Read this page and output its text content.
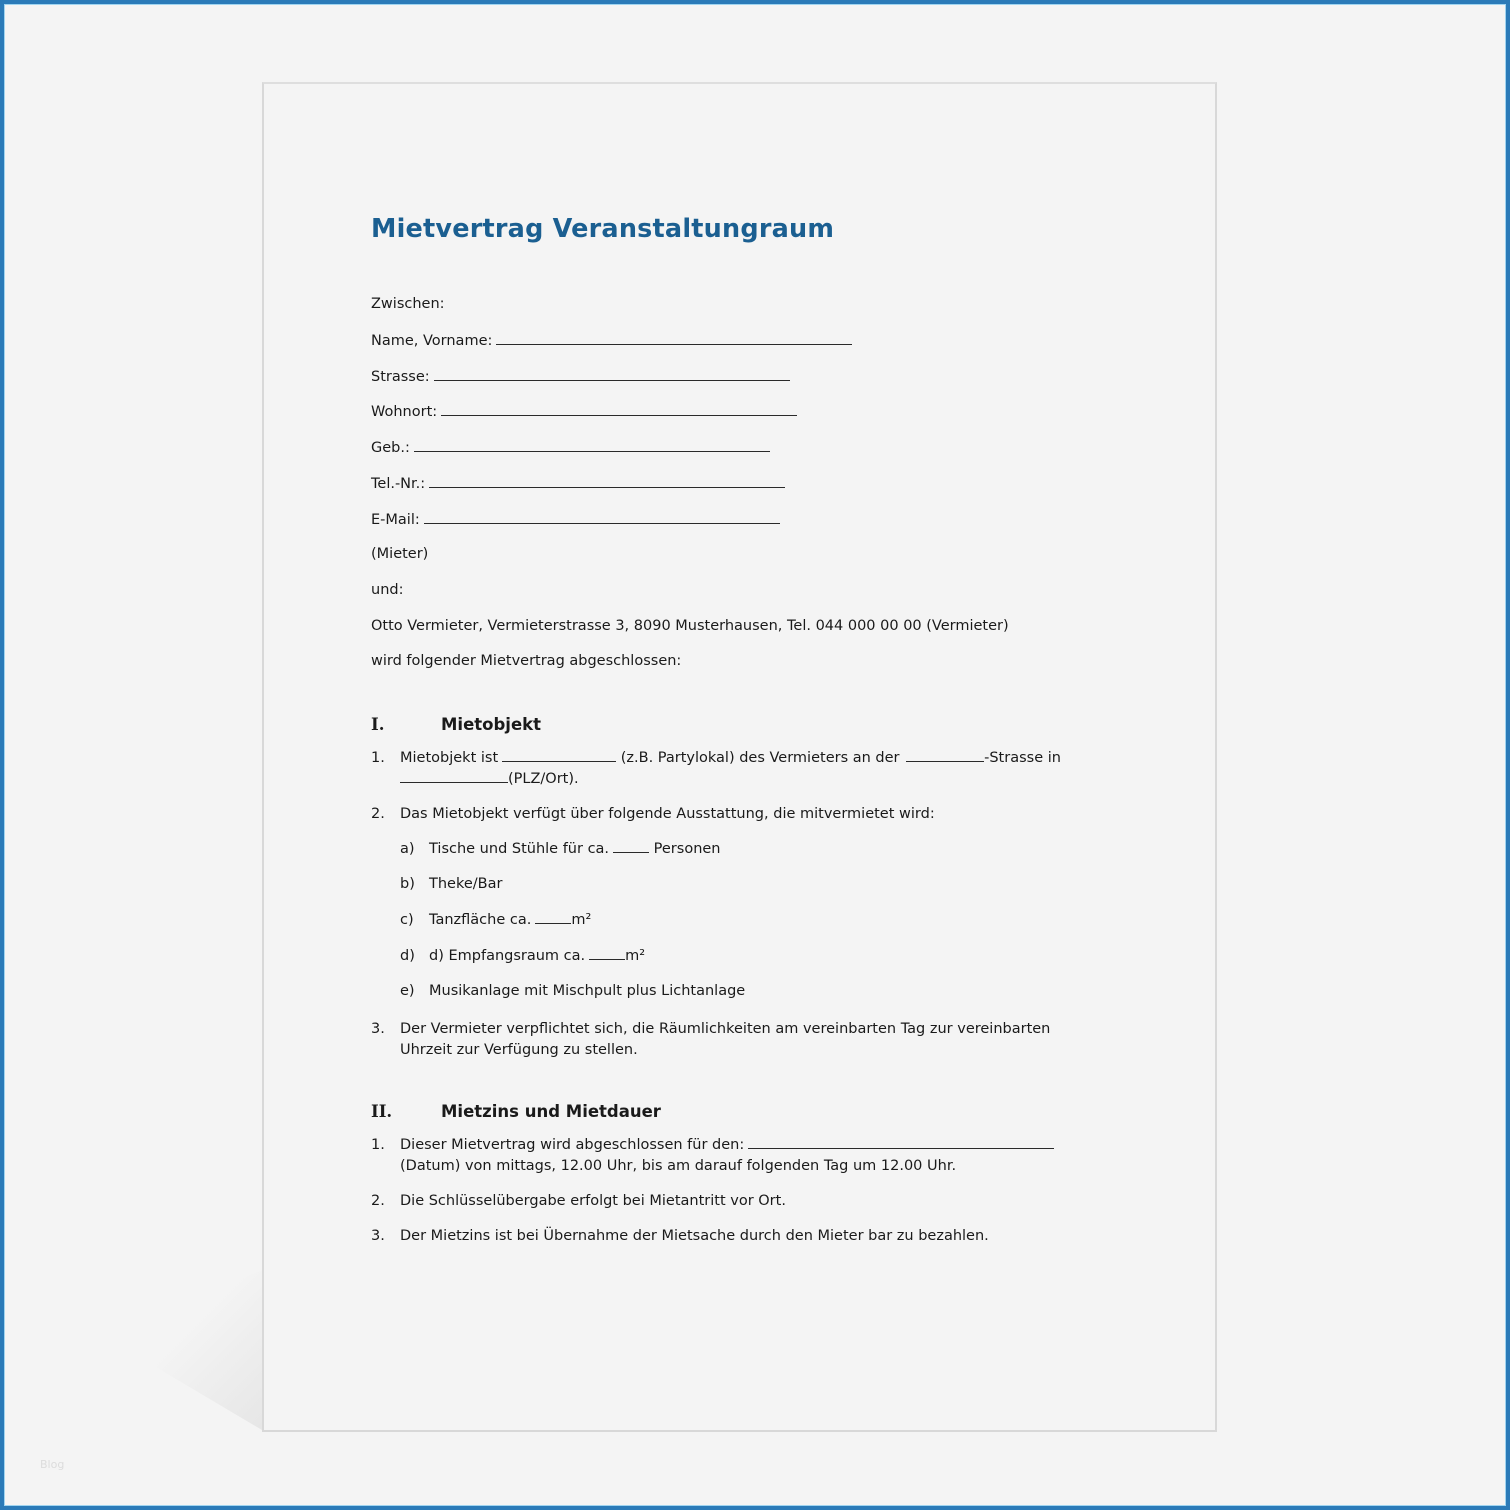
Blog
Mietvertrag Veranstaltungraum
Zwischen:
Name, Vorname:
Strasse:
Wohnort:
Geb.:
Tel.-Nr.:
E-Mail:
(Mieter)
und:
Otto Vermieter, Vermieterstrasse 3, 8090 Musterhausen, Tel. 044 000 00 00 (Vermieter)
wird folgender Mietvertrag abgeschlossen:
I.	Mietobjekt
1. Mietobjekt ist	(z.B. Partylokal) des Vermieters an der	-Strasse in
(PLZ/Ort).
2. Das Mietobjekt verfügt über folgende Ausstattung, die mitvermietet wird:
a) Tische und Stühle für ca.	Personen
b) Theke/Bar
c) Tanzfläche ca.	m²
d) d) Empfangsraum ca.	m²
e) Musikanlage mit Mischpult plus Lichtanlage
3. Der Vermieter verpflichtet sich, die Räumlichkeiten am vereinbarten Tag zur vereinbarten Uhrzeit zur Verfügung zu stellen.
II.	Mietzins und Mietdauer
1. Dieser Mietvertrag wird abgeschlossen für den:
(Datum) von mittags, 12.00 Uhr, bis am darauf folgenden Tag um 12.00 Uhr.
2. Die Schlüsselübergabe erfolgt bei Mietantritt vor Ort.
3. Der Mietzins ist bei Übernahme der Mietsache durch den Mieter bar zu bezahlen.
